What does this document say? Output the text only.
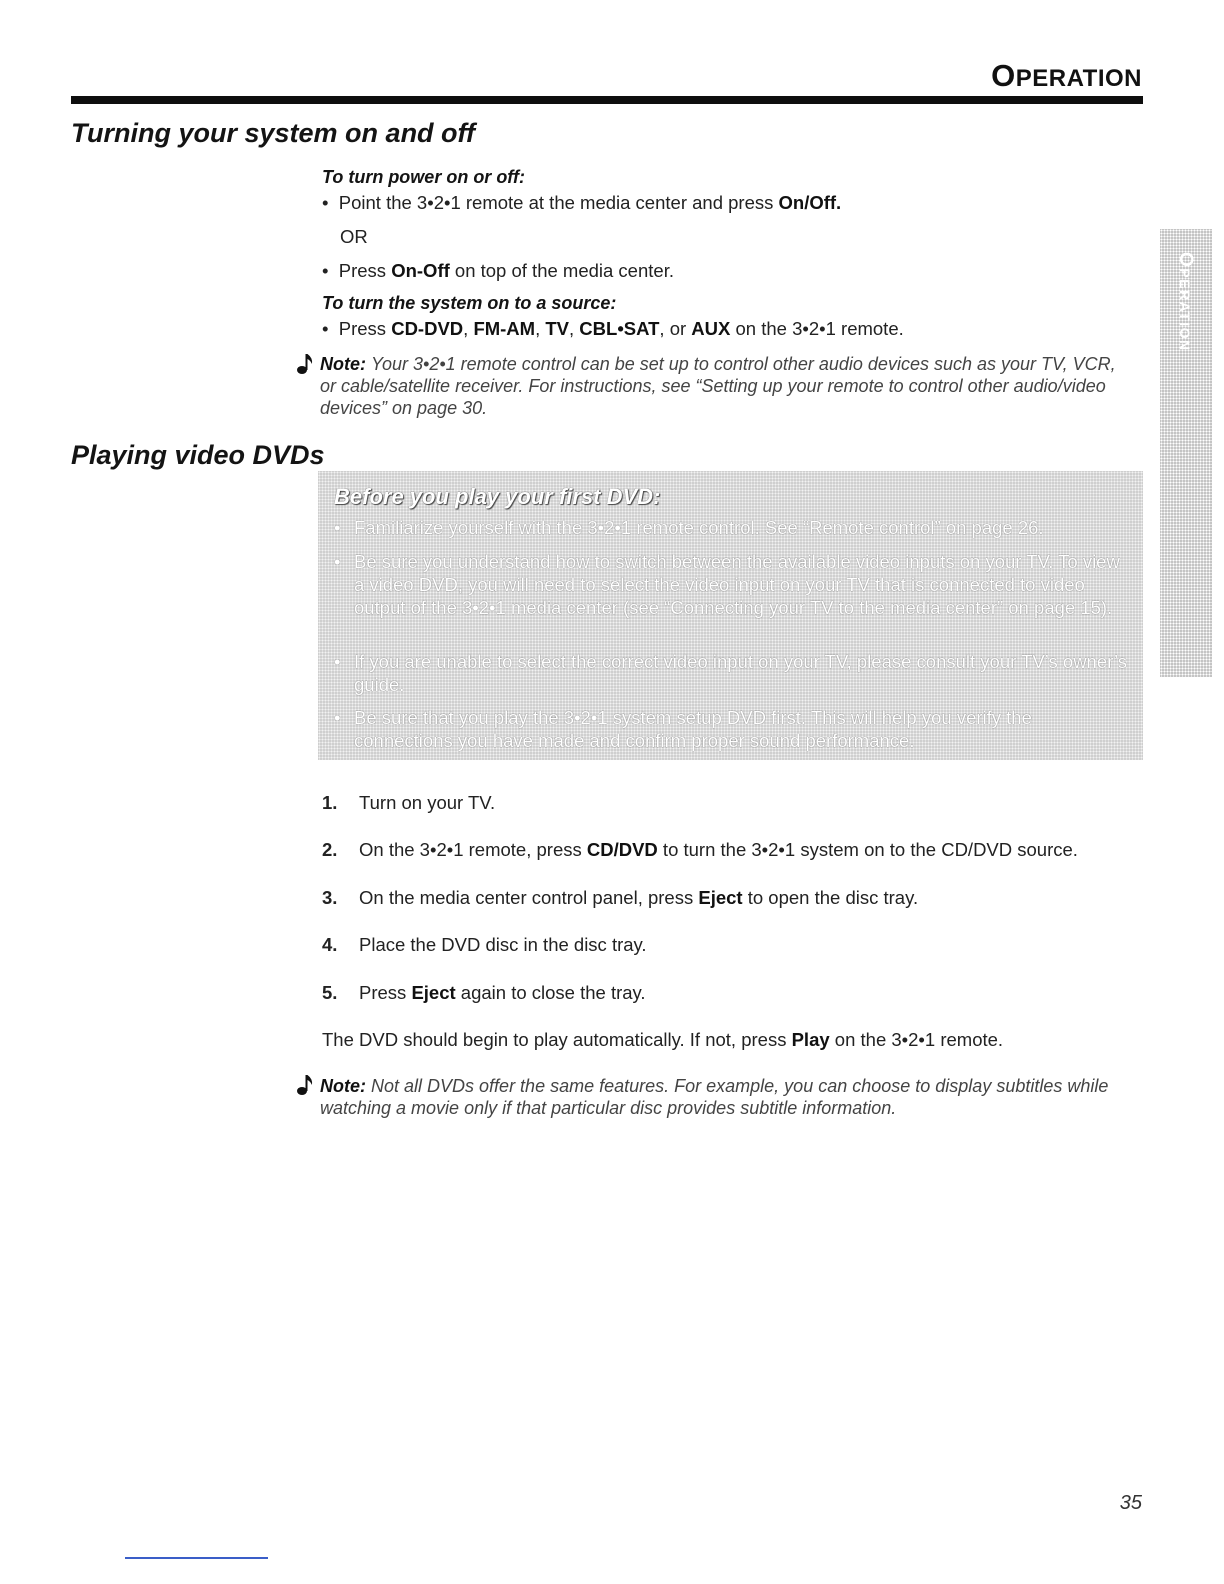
OPERATION
OPERATION
Turning your system on and off
To turn power on or off:
• Point the 3•2•1 remote at the media center and press On/Off.
OR
• Press On-Off on top of the media center.
To turn the system on to a source:
• Press CD-DVD, FM-AM, TV, CBL•SAT, or AUX on the 3•2•1 remote.
Note: Your 3•2•1 remote control can be set up to control other audio devices such as your TV, VCR, or cable/satellite receiver. For instructions, see “Setting up your remote to control other audio/video devices” on page 30.
Playing video DVDs
Before you play your first DVD:
• Familiarize yourself with the 3•2•1 remote control. See “Remote control” on page 26.
• Be sure you understand how to switch between the available video inputs on your TV. To view a video DVD, you will need to select the video input on your TV that is connected to video output of the 3•2•1 media center (see “Connecting your TV to the media center” on page 15).
• If you are unable to select the correct video input on your TV, please consult your TV’s owner’s guide.
• Be sure that you play the 3•2•1 system setup DVD first. This will help you verify the connections you have made and confirm proper sound performance.
1. Turn on your TV.
2. On the 3•2•1 remote, press CD/DVD to turn the 3•2•1 system on to the CD/DVD source.
3. On the media center control panel, press Eject to open the disc tray.
4. Place the DVD disc in the disc tray.
5. Press Eject again to close the tray.
The DVD should begin to play automatically. If not, press Play on the 3•2•1 remote.
Note: Not all DVDs offer the same features. For example, you can choose to display subtitles while watching a movie only if that particular disc provides subtitle information.
35
